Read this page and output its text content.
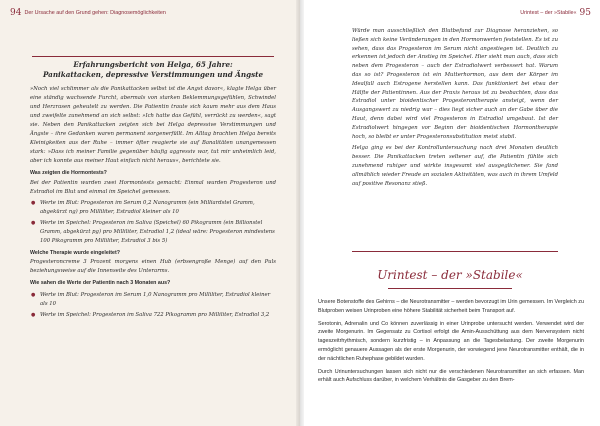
94 Der Ursache auf den Grund gehen: Diagnosemöglichkeiten
Erfahrungsbericht von Helga, 65 Jahre:
Panikattacken, depressive Verstimmungen und Ängste

»Noch viel schlimmer als die Panikattacken selbst ist die Angst davor«, klagte Helga über eine ständig wachsende Furcht, abermals von starken Beklemmungsgefühlen, Schwindel und Herzrasen geheutelt zu werden. Die Patientin traute sich kaum mehr aus dem Haus und zweifelte zunehmend an sich selbst: »Ich hatte das Gefühl, verrückt zu werden«, sagt sie. Neben den Panikattacken zeigten sich bei Helga depressive Verstimmungen und Ängste – ihre Gedanken waren permanent sorgenerfüllt. Im Alltag brachten Helga bereits Kleinigkeiten aus der Ruhe – immer öfter reagierte sie auf Banalitäten unangemessen stark: »Dass ich meiner Familie gegenüber häufig aggressiv war, tut mir unheimlich leid, aber ich konnte aus meiner Haut einfach nicht heraus«, berichtete sie.

Was zeigten die Hormontests?

Bei der Patientin wurden zwei Hormontests gemacht: Einmal wurden Progesteron und Estradiol im Blut und einmal im Speichel gemessen.

● Werte im Blut: Progesteron im Serum 0,2 Nanogramm (ein Milliardstel Gramm, abgekürzt ng) pro Milliliter, Estradiol kleiner als 10
● Werte im Speichel: Progesteron im Saliva (Speichel) 60 Pikogramm (ein Billionstel Gramm, abgekürzt pg) pro Milliliter, Estradiol 1,2 (ideal wäre: Progesteron mindestens 100 Pikogramm pro Milliliter, Estradiol 3 bis 5)

Welche Therapie wurde eingeleitet?

Progesteroncreme 3 Prozent morgens einen Hub (erbsengroße Menge) auf den Puls beziehungsweise auf die Innenseite des Unterarms.

Wie sahen die Werte der Patientin nach 3 Monaten aus?

● Werte im Blut: Progesteron im Serum 1,0 Nanogramm pro Milliliter, Estradiol kleiner als 10
● Werte im Speichel: Progesteron im Saliva 722 Pikogramm pro Milliliter, Estradiol 3,2
Urintest – der »Stabile« 95

Würde man ausschließlich den Blutbefund zur Diagnose heranziehen, so ließen sich keine Veränderungen in den Hormonwerten feststellen. Es ist zu sehen, dass das Progesteron im Serum nicht angestiegen ist. Deutlich zu erkennen ist jedoch der Anstieg im Speichel. Hier sieht man auch, dass sich neben dem Progesteron – auch der Estradiolwert verbessert hat. Warum das so ist? Progesteron ist ein Mutterhormon, aus dem der Körper im Idealfall auch Estrogene herstellen kann. Das funktioniert bei etwa der Hälfte der Patientinnen. Aus der Praxis heraus ist zu beobachten, dass das Estradiol unter bioidentischer Progesterontherapie ansteigt, wenn der Ausgangswert zu niedrig war – dies liegt sicher auch an der Gabe über die Haut, denn dabei wird viel Progesteron in Estradiol umgebaut. Ist der Estradiolwert hingegen vor Beginn der bioidentischen Hormontherapie hoch, so bleibt er unter Progesteronsubstitution meist stabil.

Helga ging es bei der Kontrolluntersuchung nach drei Monaten deutlich besser. Die Panikattacken treten seltener auf, die Patientin fühlte sich zunehmend ruhiger und wirkte insgesamt viel ausgeglichener. Sie fand allmählich wieder Freude an sozialen Aktivitäten, was auch in ihrem Umfeld auf positive Resonanz stieß.

Urintest – der »Stabile«

Unsere Botenstoffe des Gehirns – die Neurotransmitter – werden bevorzugt im Urin gemessen. Im Vergleich zu Blutproben weisen Urinproben eine höhere Stabilität sicherheit beim Transport auf.

Serotonin, Adrenalin und Co können zuverlässig in einer Urinprobe untersucht werden. Verwendet wird der zweite Morgenurin. Im Gegensatz zu Cortisol erfolgt die Amin-Ausschüttung aus dem Nervensystem nicht tageszeitrhythmisch, sondern kurzfristig – in Anpassung an die Tagesbelastung. Der zweite Morgenurin ermöglicht genauere Aussagen als der erste Morgenurin, der vorwiegend jene Neurotransmitter enthält, die in der nächtlichen Ruhephase gebildet wurden.

Durch Urinuntersuchungen lassen sich nicht nur die verschiedenen Neurotransmitter an sich erfassen. Man erhält auch Aufschluss darüber, in welchem Verhältnis die Gasgeber zu den Brem-
